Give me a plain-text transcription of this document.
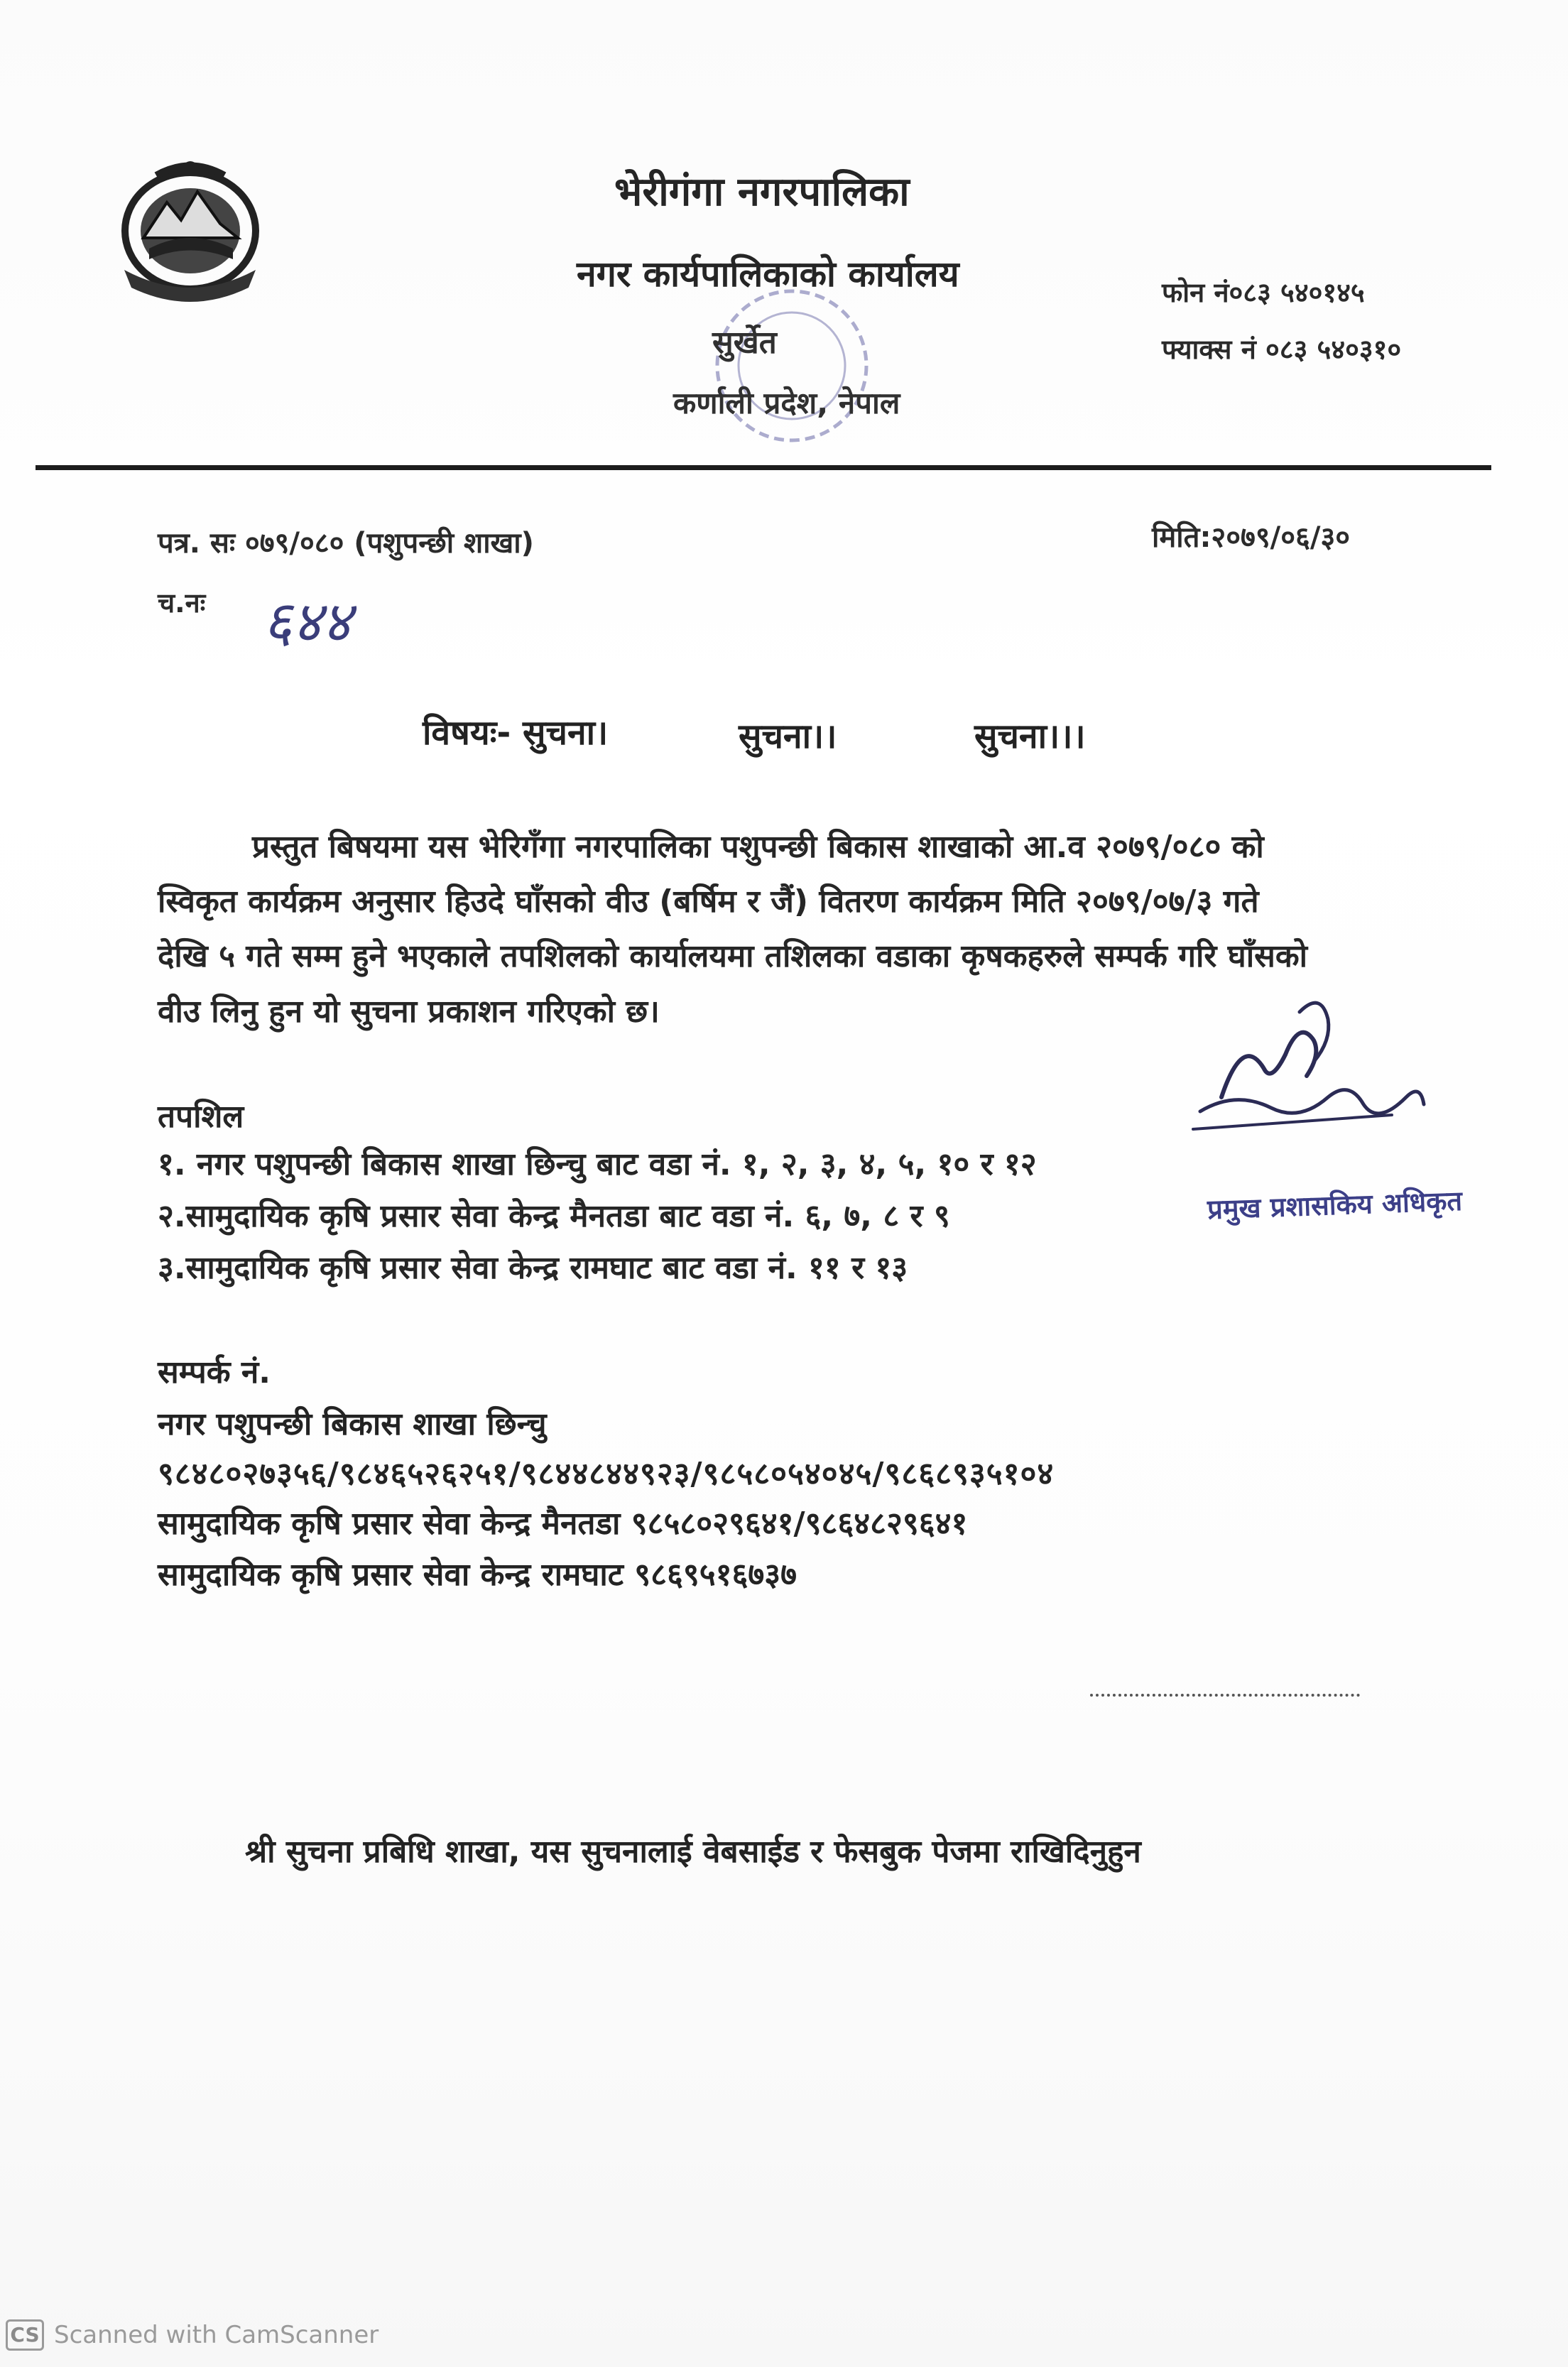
भेरीगंगा नगरपालिका
नगर कार्यपालिकाको कार्यालय
सुर्खेत
कर्णाली प्रदेश, नेपाल
फोन नं०८३ ५४०१४५
फ्याक्स नं ०८३ ५४०३१०
पत्र. सः ०७९/०८० (पशुपन्छी शाखा)	मिति:२०७९/०६/३०
च.नः ६४४
विषयः- सुचना।	सुचना।।	सुचना।।।
प्रस्तुत बिषयमा यस भेरिगँगा नगरपालिका पशुपन्छी बिकास शाखाको आ.व २०७९/०८० को
स्विकृत कार्यक्रम अनुसार हिउदे घाँसको वीउ (बर्षिम र जैं) वितरण कार्यक्रम मिति २०७९/०७/३ गते
देखि ५ गते सम्म हुने भएकाले तपशिलको कार्यालयमा तशिलका वडाका कृषकहरुले सम्पर्क गरि घाँसको
वीउ लिनु हुन यो सुचना प्रकाशन गरिएको छ।
प्रमुख प्रशासकिय अधिकृत
तपशिल
१. नगर पशुपन्छी बिकास शाखा छिन्चु बाट वडा नं. १, २, ३, ४, ५, १० र १२
२.सामुदायिक कृषि प्रसार सेवा केन्द्र मैनतडा बाट वडा नं. ६, ७, ८ र ९
३.सामुदायिक कृषि प्रसार सेवा केन्द्र रामघाट बाट वडा नं. ११ र १३
सम्पर्क नं.
नगर पशुपन्छी बिकास शाखा छिन्चु
९८४८०२७३५६/९८४६५२६२५१/९८४४८४४९२३/९८५८०५४०४५/९८६८९३५१०४
सामुदायिक कृषि प्रसार सेवा केन्द्र मैनतडा ९८५८०२९६४१/९८६४८२९६४१
सामुदायिक कृषि प्रसार सेवा केन्द्र रामघाट ९८६९५१६७३७
श्री सुचना प्रबिधि शाखा, यस सुचनालाई वेबसाईड र फेसबुक पेजमा राखिदिनुहुन
CS Scanned with CamScanner
